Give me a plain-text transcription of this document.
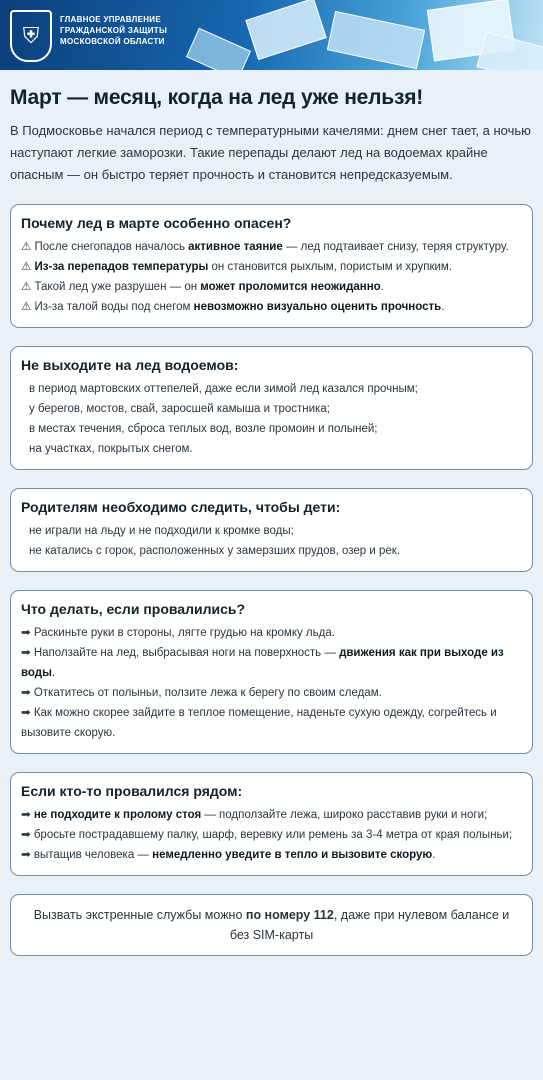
⛨
ГЛАВНОЕ УПРАВЛЕНИЕ
ГРАЖДАНСКОЙ ЗАЩИТЫ
МОСКОВСКОЙ ОБЛАСТИ
Март — месяц, когда на лед уже нельзя!

В Подмосковье начался период с температурными качелями: днем снег тает, а ночью наступают легкие заморозки. Такие перепады делают лед на водоемах крайне опасным — он быстро теряет прочность и становится непредсказуемым.

Почему лед в марте особенно опасен?
⚠ После снегопадов началось активное таяние — лед подтаивает снизу, теряя структуру.
⚠ Из-за перепадов температуры он становится рыхлым, пористым и хрупким.
⚠ Такой лед уже разрушен — он может проломится неожиданно.
⚠ Из-за талой воды под снегом невозможно визуально оценить прочность.
Не выходите на лед водоемов:
в период мартовских оттепелей, даже если зимой лед казался прочным;
у берегов, мостов, свай, заросшей камыша и тростника;
в местах течения, сброса теплых вод, возле промоин и полыней;
на участках, покрытых снегом.
Родителям необходимо следить, чтобы дети:
не играли на льду и не подходили к кромке воды;
не катались с горок, расположенных у замерзших прудов, озер и рек.
Что делать, если провалились?
➡ Раскиньте руки в стороны, лягте грудью на кромку льда.
➡ Наползайте на лед, выбрасывая ноги на поверхность — движения как при выходе из воды.
➡ Откатитесь от полыньи, ползите лежа к берегу по своим следам.
➡ Как можно скорее зайдите в теплое помещение, наденьте сухую одежду, согрейтесь и вызовите скорую.
Если кто-то провалился рядом:
➡ не подходите к пролому стоя — подползайте лежа, широко расставив руки и ноги;
➡ бросьте пострадавшему палку, шарф, веревку или ремень за 3-4 метра от края полыньи;
➡ вытащив человека — немедленно уведите в тепло и вызовите скорую.
Вызвать экстренные службы можно по номеру 112, даже при нулевом балансе и без SIM-карты
